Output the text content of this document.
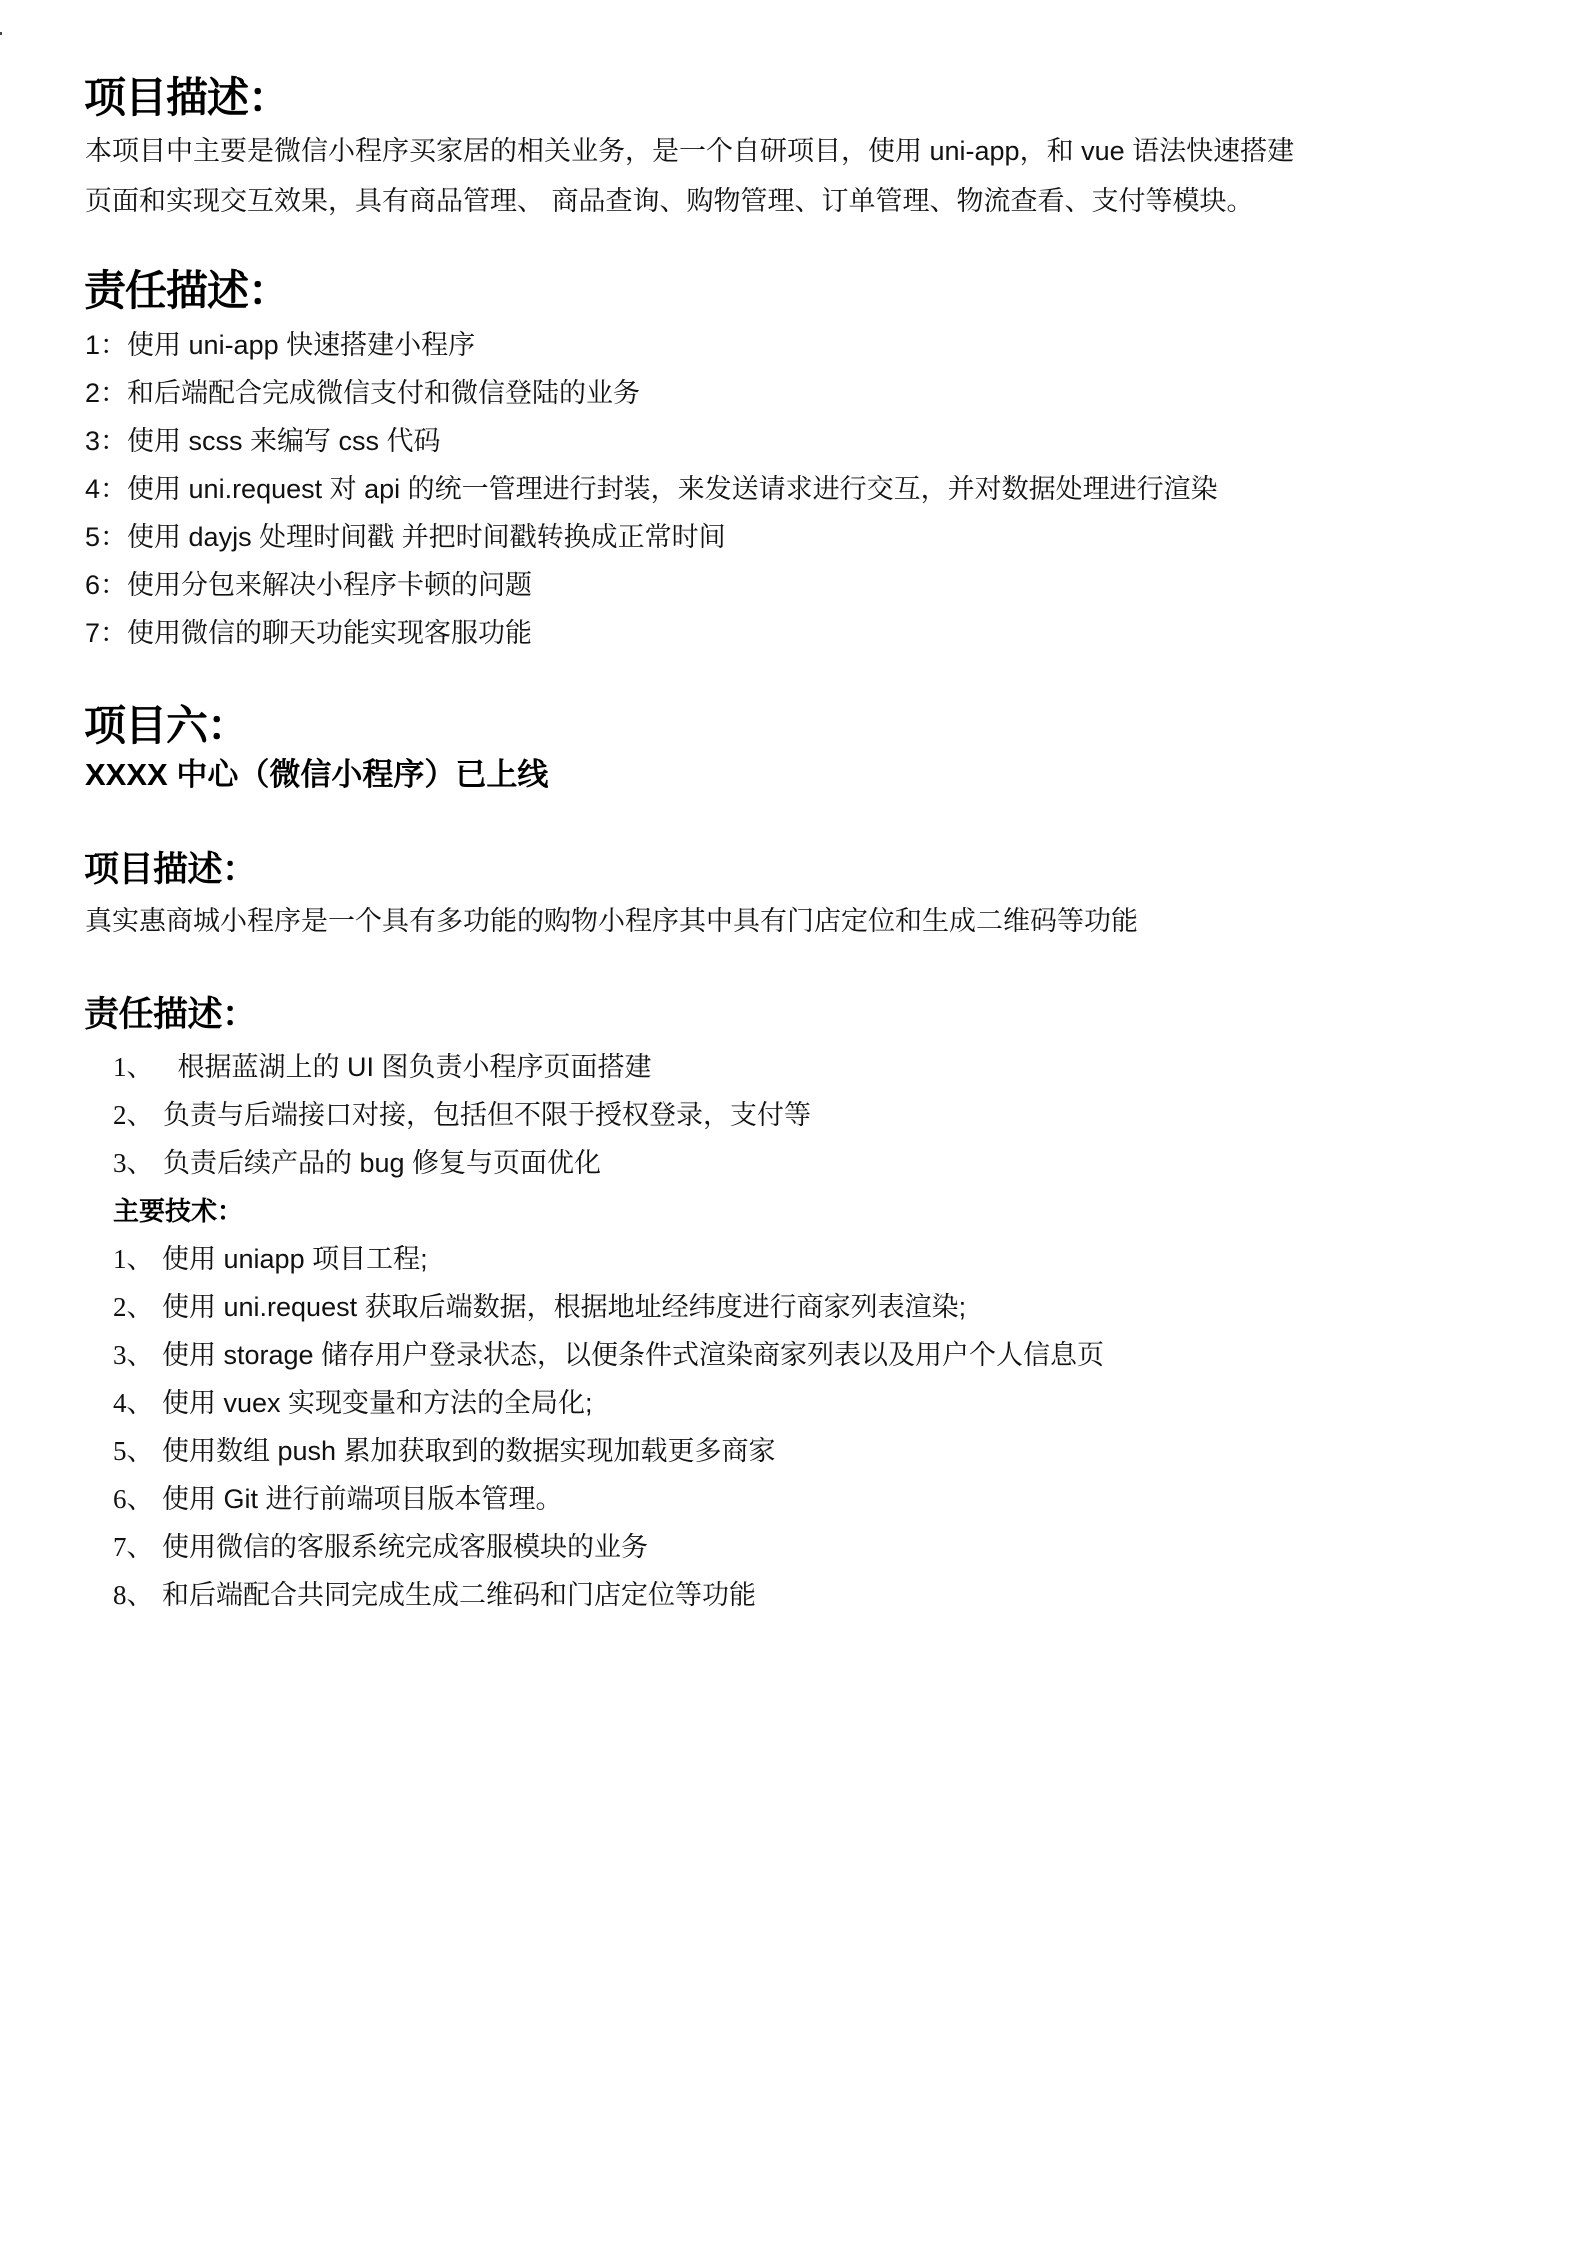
项目描述：
本项目中主要是微信小程序买家居的相关业务，是一个自研项目，使用 uni-app，和 vue 语法快速搭建
页面和实现交互效果，具有商品管理、 商品查询、购物管理、订单管理、物流查看、支付等模块。
责任描述：
1：使用 uni-app 快速搭建小程序
2：和后端配合完成微信支付和微信登陆的业务
3：使用 scss 来编写 css 代码
4：使用 uni.request 对 api 的统一管理进行封装，来发送请求进行交互，并对数据处理进行渲染
5：使用 dayjs 处理时间戳 并把时间戳转换成正常时间
6：使用分包来解决小程序卡顿的问题
7：使用微信的聊天功能实现客服功能
项目六：
XXXX 中心（微信小程序）已上线
项目描述：
真实惠商城小程序是一个具有多功能的购物小程序其中具有门店定位和生成二维码等功能
责任描述：
1、 根据蓝湖上的 UI 图负责小程序页面搭建
2、 负责与后端接口对接，包括但不限于授权登录，支付等
3、 负责后续产品的 bug 修复与页面优化
主要技术：
1、 使用 uniapp 项目工程;
2、 使用 uni.request 获取后端数据，根据地址经纬度进行商家列表渲染;
3、 使用 storage 储存用户登录状态，以便条件式渲染商家列表以及用户个人信息页
4、 使用 vuex 实现变量和方法的全局化;
5、 使用数组 push 累加获取到的数据实现加载更多商家
6、 使用 Git 进行前端项目版本管理。
7、 使用微信的客服系统完成客服模块的业务
8、 和后端配合共同完成生成二维码和门店定位等功能
